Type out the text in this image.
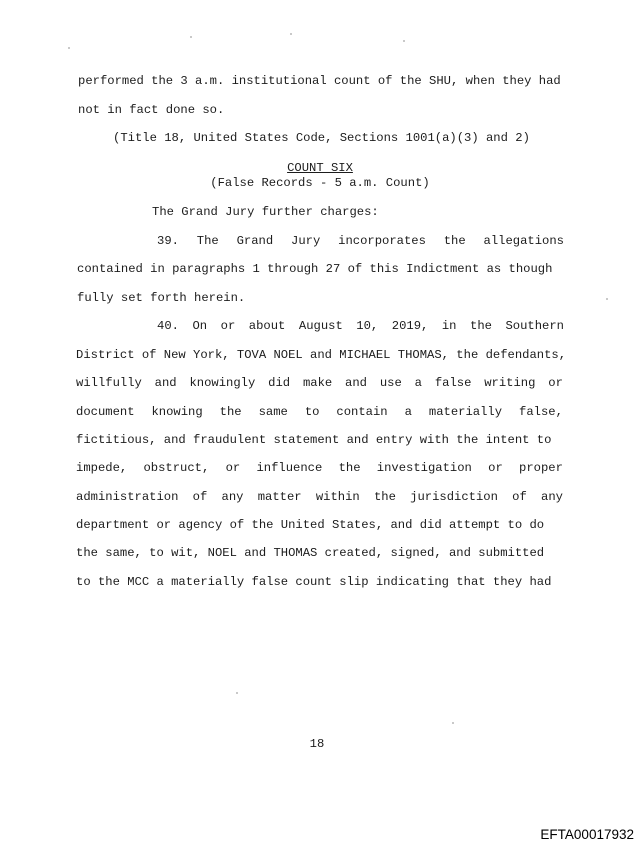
performed the 3 a.m. institutional count of the SHU, when they had

not in fact done so.

(Title 18, United States Code, Sections 1001(a)(3) and 2)

COUNT SIX

(False Records - 5 a.m. Count)

The Grand Jury further charges:

39. The Grand Jury incorporates the allegations

contained in paragraphs 1 through 27 of this Indictment as though

fully set forth herein.

40. On or about August 10, 2019, in the Southern

District of New York, TOVA NOEL and MICHAEL THOMAS, the defendants,

willfully and knowingly did make and use a false writing or
document knowing the same to contain a materially false,

fictitious, and fraudulent statement and entry with the intent to

impede, obstruct, or influence the investigation or proper
administration of any matter within the jurisdiction of any

department or agency of the United States, and did attempt to do

the same, to wit, NOEL and THOMAS created, signed, and submitted

to the MCC a materially false count slip indicating that they had

18

EFTA00017932
